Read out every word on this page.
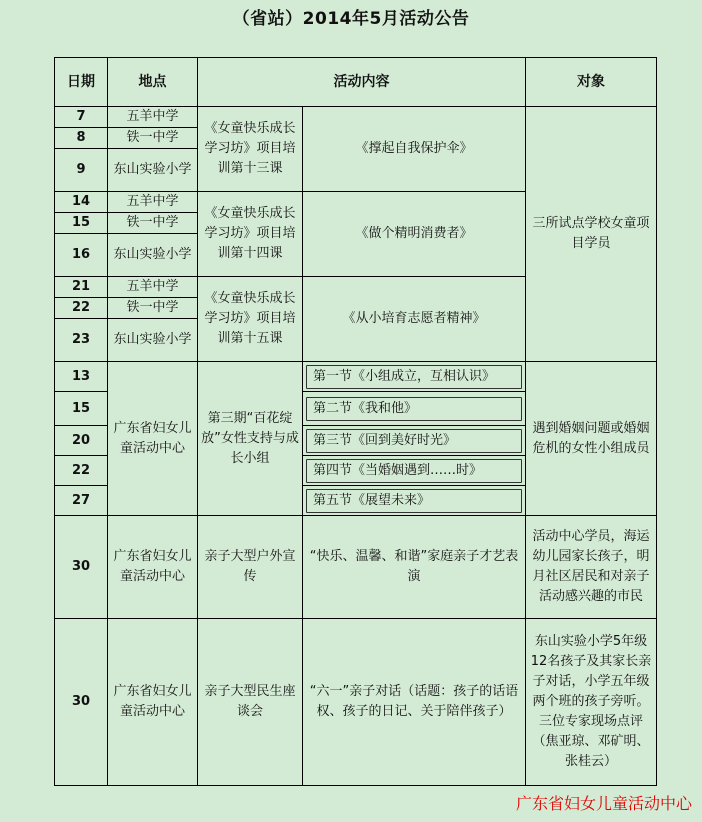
（省站）2014年5月活动公告
日期	地点	活动内容		对象
7	五羊中学	《女童快乐成长学习坊》项目培训第十三课	《撑起自我保护伞》	三所试点学校女童项目学员
8	铁一中学			
9	东山实验小学			
14	五羊中学	《女童快乐成长学习坊》项目培训第十四课	《做个精明消费者》	
15	铁一中学			
16	东山实验小学			
21	五羊中学	《女童快乐成长学习坊》项目培训第十五课	《从小培育志愿者精神》	
22	铁一中学			
23	东山实验小学			
13	广东省妇女儿童活动中心	第三期“百花绽放”女性支持与成长小组	第一节《小组成立，互相认识》	遇到婚姻问题或婚姻危机的女性小组成员
15			第二节《我和他》	

20			第三节《回到美好时光》	

22			第四节《当婚姻遇到……时》	

27			第五节《展望未来》	

30	广东省妇女儿童活动中心	亲子大型户外宣传	“快乐、温馨、和谐”家庭亲子才艺表演	活动中心学员，海运幼儿园家长孩子，明月社区居民和对亲子活动感兴趣的市民
30	广东省妇女儿童活动中心	亲子大型民生座谈会	“六一”亲子对话（话题：孩子的话语权、孩子的日记、关于陪伴孩子）	东山实验小学5年级12名孩子及其家长亲子对话，小学五年级两个班的孩子旁听。三位专家现场点评（焦亚琼、邓矿明、张桂云）
广东省妇女儿童活动中心
